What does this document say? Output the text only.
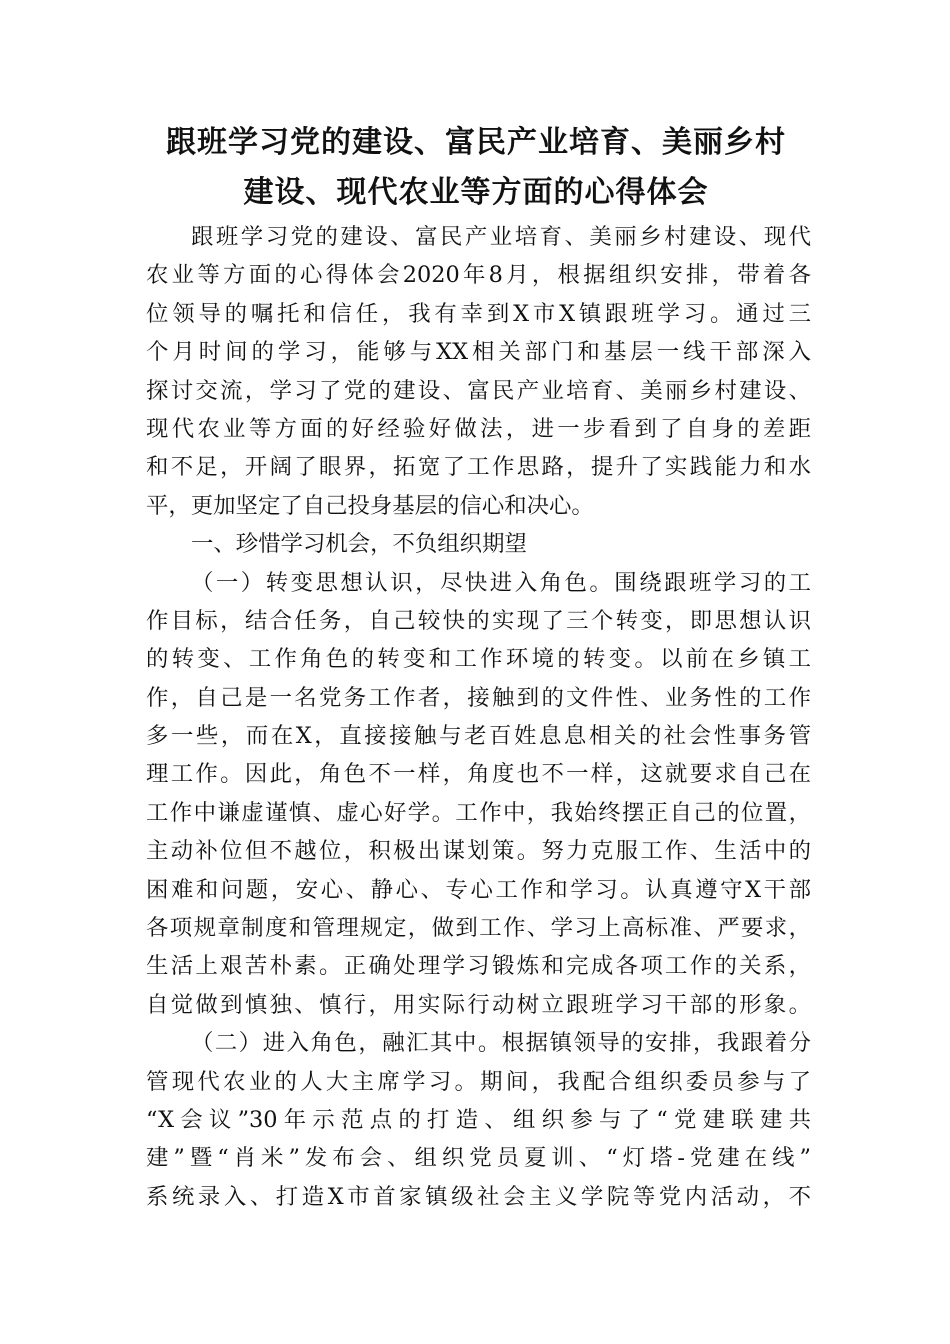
跟班学习党的建设、富民产业培育、美丽乡村
建设、现代农业等方面的心得体会
跟班学习党的建设、富民产业培育、美丽乡村建设、现代
农业等方面的心得体会2020年8月，根据组织安排，带着各
位领导的嘱托和信任，我有幸到X市X镇跟班学习。通过三
个月时间的学习，能够与XX相关部门和基层一线干部深入
探讨交流，学习了党的建设、富民产业培育、美丽乡村建设、
现代农业等方面的好经验好做法，进一步看到了自身的差距
和不足，开阔了眼界，拓宽了工作思路，提升了实践能力和水
平，更加坚定了自己投身基层的信心和决心。
一、珍惜学习机会，不负组织期望
（一）转变思想认识，尽快进入角色。围绕跟班学习的工
作目标，结合任务，自己较快的实现了三个转变，即思想认识
的转变、工作角色的转变和工作环境的转变。以前在乡镇工
作，自己是一名党务工作者，接触到的文件性、业务性的工作
多一些，而在X，直接接触与老百姓息息相关的社会性事务管
理工作。因此，角色不一样，角度也不一样，这就要求自己在
工作中谦虚谨慎、虚心好学。工作中，我始终摆正自己的位置，
主动补位但不越位，积极出谋划策。努力克服工作、生活中的
困难和问题，安心、静心、专心工作和学习。认真遵守X干部
各项规章制度和管理规定，做到工作、学习上高标准、严要求，
生活上艰苦朴素。正确处理学习锻炼和完成各项工作的关系，
自觉做到慎独、慎行，用实际行动树立跟班学习干部的形象。
（二）进入角色，融汇其中。根据镇领导的安排，我跟着分
管现代农业的人大主席学习。期间，我配合组织委员参与了
“X会议”30年示范点的打造、组织参与了“党建联建共
建”暨“肖米”发布会、组织党员夏训、“灯塔-党建在线”
系统录入、打造X市首家镇级社会主义学院等党内活动，不
